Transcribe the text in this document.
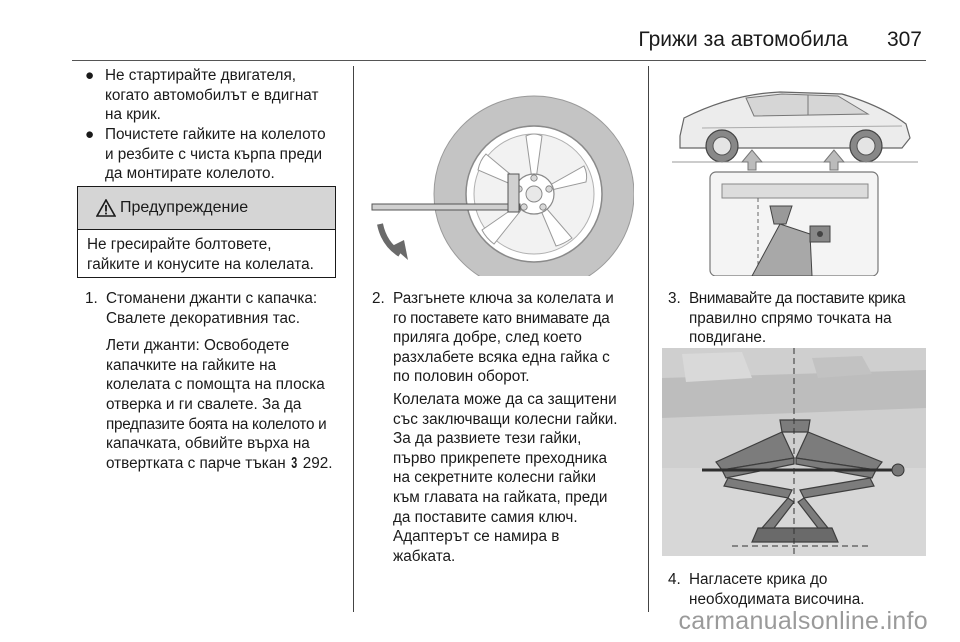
Грижи за автомобила 307
● Не стартирайте двигателя,
когато автомобилът е вдигнат
на крик.
● Почистете гайките на колелото
и резбите с чиста кърпа преди
да монтирате колелото.
Предупреждение
Не гресирайте болтовете,
гайките и конусите на колелата.
1. Стоманени джанти с капачка:
Свалете декоративния тас.
Лети джанти: Освободете
капачките на гайките на
колелата с помощта на плоска
отверка и ги свалете. За да
предпазите боята на колелото и
капачката, обвийте върха на
отвертката с парче тъкан 3 292.
2. Разгънете ключа за колелата и
го поставете като внимавате да
приляга добре, след което
разхлабете всяка една гайка с
по половин оборот.
Колелата може да са защитени
със заключващи колесни гайки.
За да развиете тези гайки,
първо прикрепете преходника
на секретните колесни гайки
към главата на гайката, преди
да поставите самия ключ.
Адаптерът се намира в
жабката.
3. Внимавайте да поставите крика
правилно спрямо точката на
повдигане.
4. Нагласете крика до
необходимата височина.
carmanualsonline.info
